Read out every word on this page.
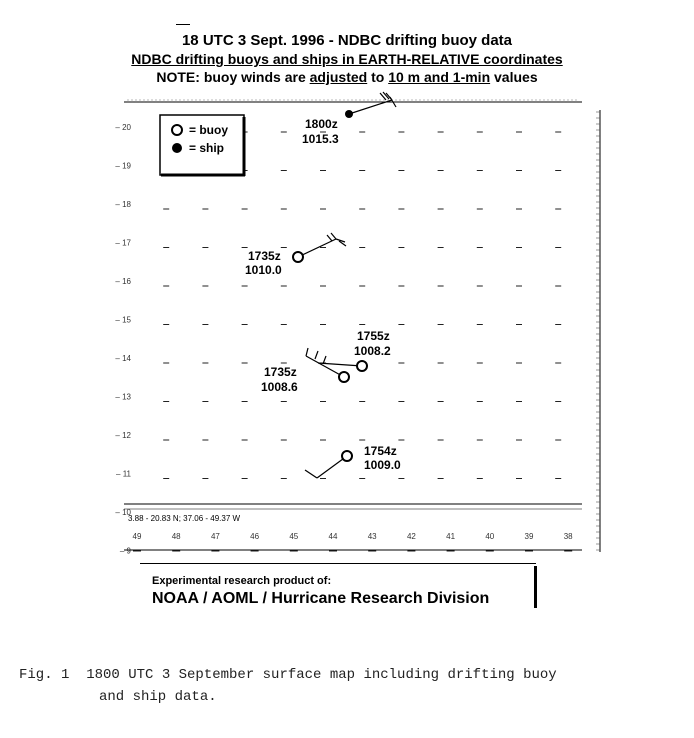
18 UTC 3 Sept. 1996 - NDBC drifting buoy data
NDBC drifting buoys and ships in EARTH-RELATIVE coordinates
NOTE: buoy winds are adjusted to 10 m and 1-min values
– 20
– 19
– 18
– 17
– 16
– 15
– 14
– 13
– 12
– 11
– 10
– 9
49	48	47	46	45	44	43	42	41	40	39	38
= buoy
= ship
3.88 - 20.83 N; 37.06 - 49.37 W
1800z
1015.3
1735z
1010.0
1755z
1008.2
1735z
1008.6
1754z
1009.0
Experimental research product of:
NOAA / AOML / Hurricane Research Division
Fig. 1  1800 UTC 3 September surface map including drifting buoy
and ship data.
